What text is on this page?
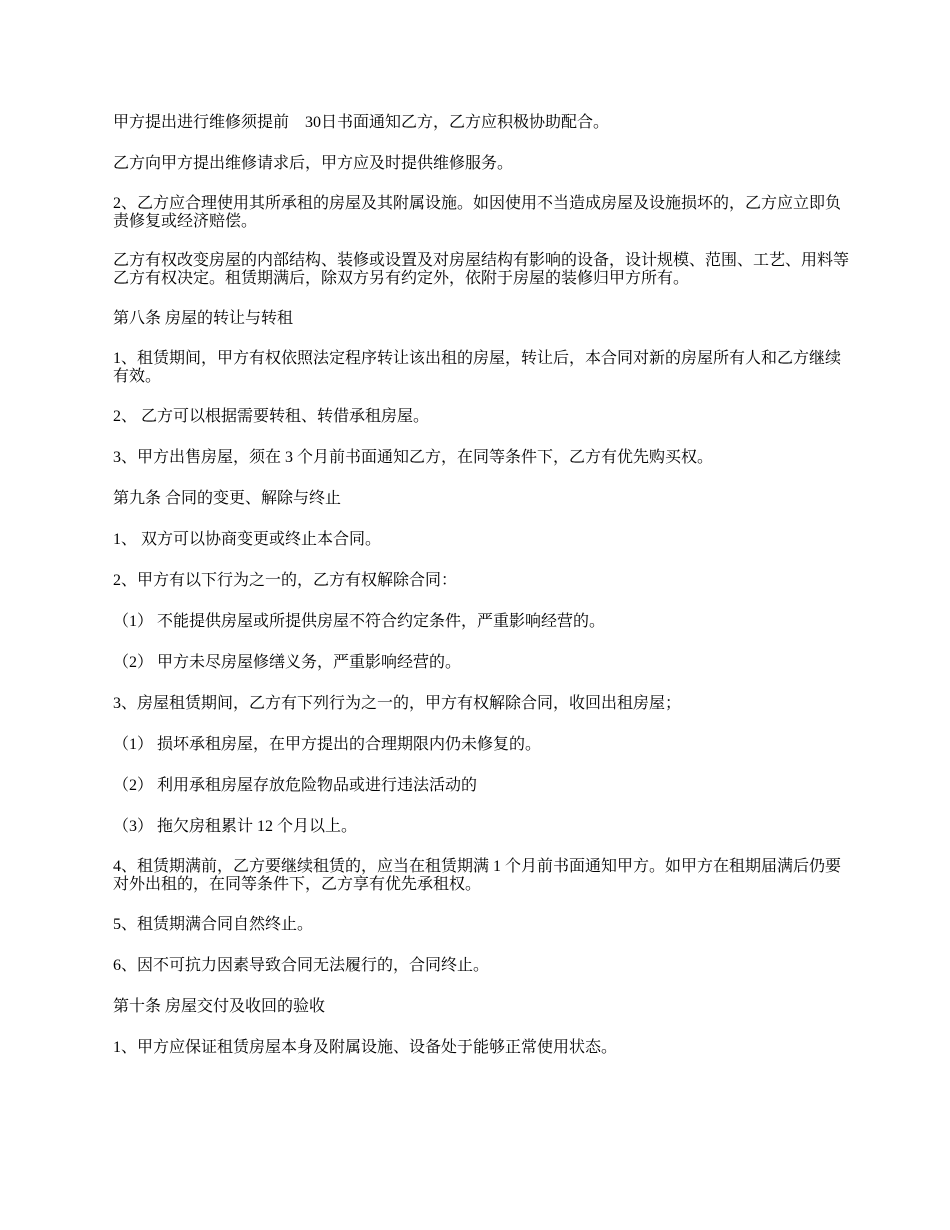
甲方提出进行维修须提前　30日书面通知乙方，乙方应积极协助配合。

乙方向甲方提出维修请求后，甲方应及时提供维修服务。

2、乙方应合理使用其所承租的房屋及其附属设施。如因使用不当造成房屋及设施损坏的，乙方应立即负责修复或经济赔偿。

乙方有权改变房屋的内部结构、装修或设置及对房屋结构有影响的设备，设计规模、范围、工艺、用料等乙方有权决定。租赁期满后，除双方另有约定外，依附于房屋的装修归甲方所有。

第八条 房屋的转让与转租

1、租赁期间，甲方有权依照法定程序转让该出租的房屋，转让后，本合同对新的房屋所有人和乙方继续有效。

2、 乙方可以根据需要转租、转借承租房屋。

3、甲方出售房屋，须在 3 个月前书面通知乙方，在同等条件下，乙方有优先购买权。

第九条 合同的变更、解除与终止

1、 双方可以协商变更或终止本合同。

2、甲方有以下行为之一的，乙方有权解除合同：

（1） 不能提供房屋或所提供房屋不符合约定条件，严重影响经营的。

（2） 甲方未尽房屋修缮义务，严重影响经营的。

3、房屋租赁期间，乙方有下列行为之一的，甲方有权解除合同，收回出租房屋；

（1） 损坏承租房屋，在甲方提出的合理期限内仍未修复的。

（2） 利用承租房屋存放危险物品或进行违法活动的

（3） 拖欠房租累计 12 个月以上。

4、租赁期满前，乙方要继续租赁的，应当在租赁期满 1 个月前书面通知甲方。如甲方在租期届满后仍要对外出租的，在同等条件下，乙方享有优先承租权。

5、租赁期满合同自然终止。

6、因不可抗力因素导致合同无法履行的，合同终止。

第十条 房屋交付及收回的验收

1、甲方应保证租赁房屋本身及附属设施、设备处于能够正常使用状态。
